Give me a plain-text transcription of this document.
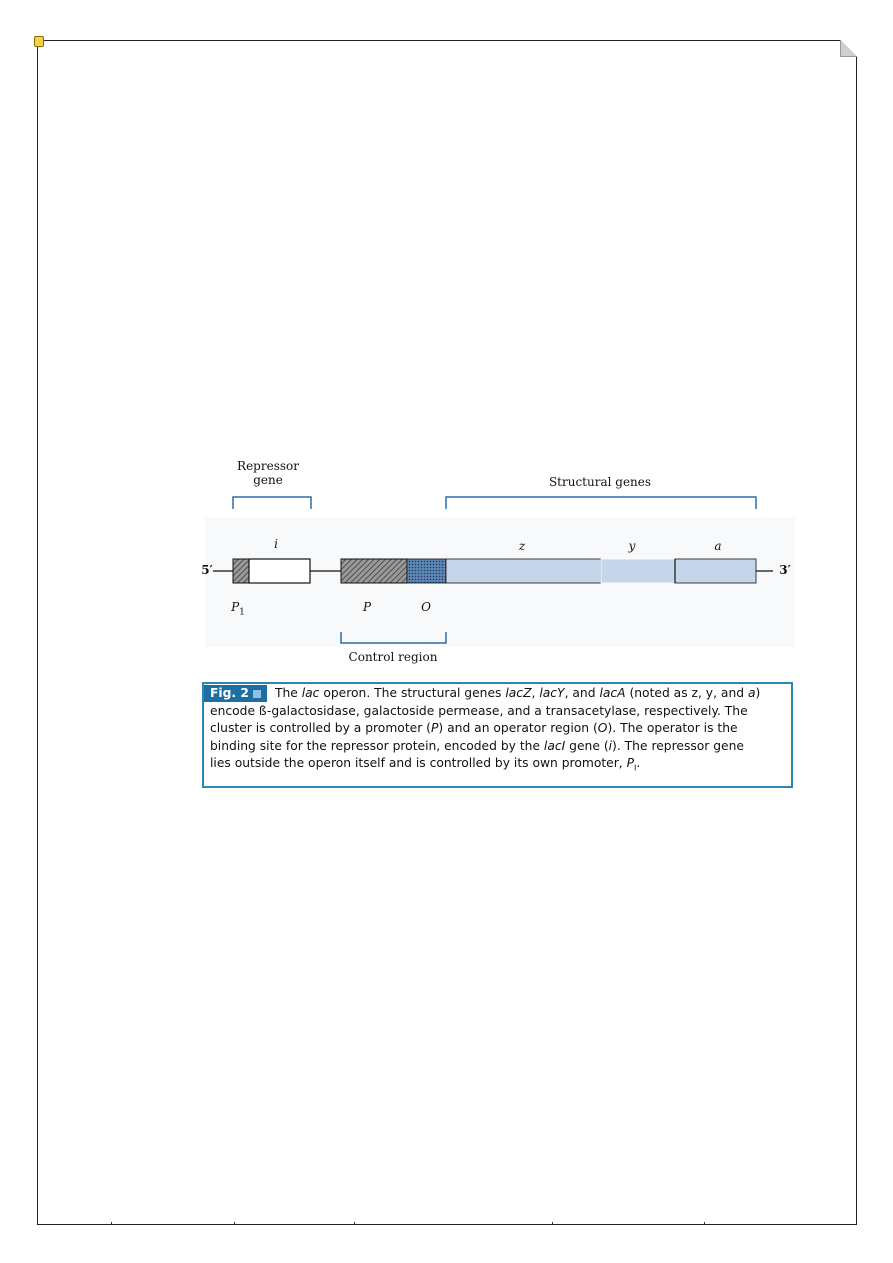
Repressor
gene	Structural genes
i	z	y	a
5′	3′
$P_1$	P	O
Control region
Fig. 2 The lac operon. The structural genes lacZ, lacY, and lacA (noted as z, y, and a)
encode ß-galactosidase, galactoside permease, and a transacetylase, respectively. The
cluster is controlled by a promoter (P) and an operator region (O). The operator is the
binding site for the repressor protein, encoded by the lacI gene (i). The repressor gene
lies outside the operon itself and is controlled by its own promoter, $P_I$.
